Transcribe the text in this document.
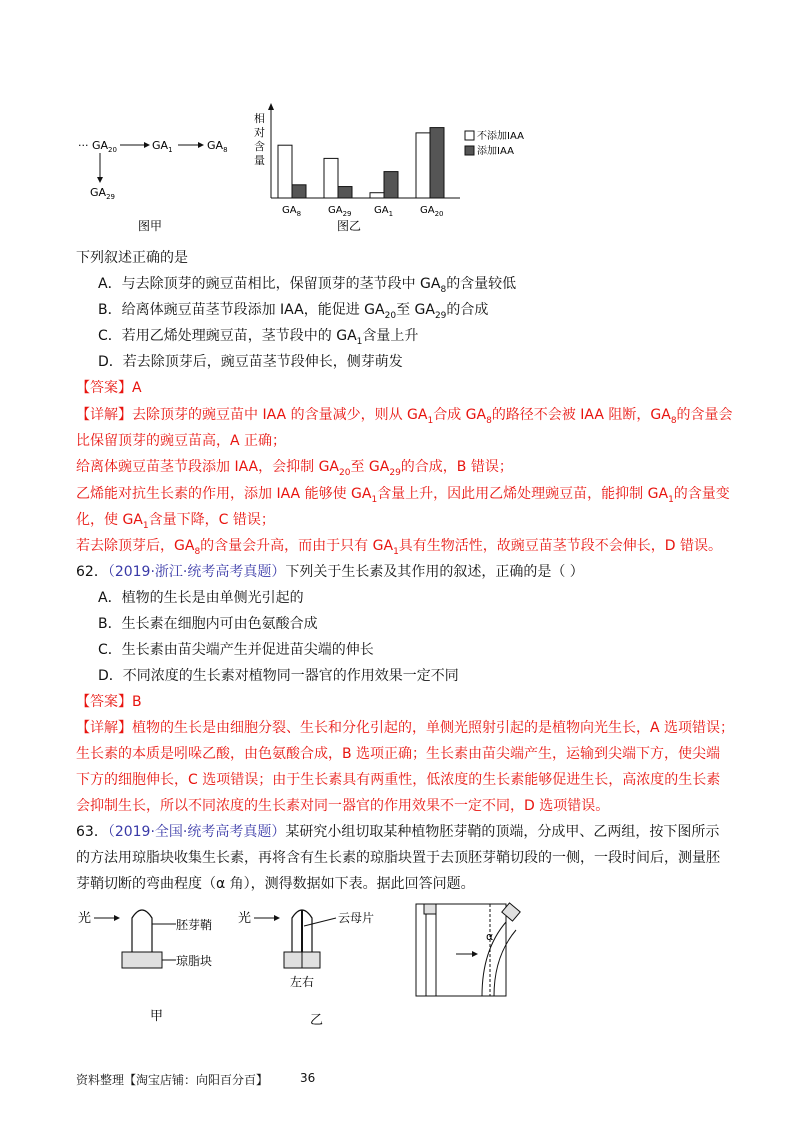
··· $GA_{20}$	$GA_1$	$GA_8$
$GA_{29}$
图甲
相
对
含
量
$GA_8$	$GA_{29}$ $GA_1$	$GA_{20}$
不添加IAA
添加IAA
图乙
下列叙述正确的是
A．与去除顶芽的豌豆苗相比，保留顶芽的茎节段中 $GA_8$的含量较低
B．给离体豌豆苗茎节段添加 IAA，能促进 $GA_{20}$至 $GA_{29}$的合成
C．若用乙烯处理豌豆苗，茎节段中的 $GA_1$含量上升
D．若去除顶芽后，豌豆苗茎节段伸长，侧芽萌发
【答案】A
【详解】去除顶芽的豌豆苗中 IAA 的含量减少，则从 $GA_1$合成 $GA_8$的路径不会被 IAA 阻断，$GA_8$的含量会
比保留顶芽的豌豆苗高，A 正确；
给离体豌豆苗茎节段添加 IAA，会抑制 $GA_{20}$至 $GA_{29}$的合成，B 错误；
乙烯能对抗生长素的作用，添加 IAA 能够使 $GA_1$含量上升，因此用乙烯处理豌豆苗，能抑制 $GA_1$的含量变
化，使 $GA_1$含量下降，C 错误；
若去除顶芽后，$GA_8$的含量会升高，而由于只有 $GA_1$具有生物活性，故豌豆苗茎节段不会伸长，D 错误。
62．（2019·浙江·统考高考真题）下列关于生长素及其作用的叙述，正确的是（ ）
A．植物的生长是由单侧光引起的
B．生长素在细胞内可由色氨酸合成
C．生长素由苗尖端产生并促进苗尖端的伸长
D．不同浓度的生长素对植物同一器官的作用效果一定不同
【答案】B
【详解】植物的生长是由细胞分裂、生长和分化引起的，单侧光照射引起的是植物向光生长，A 选项错误；
生长素的本质是吲哚乙酸，由色氨酸合成，B 选项正确；生长素由苗尖端产生，运输到尖端下方，使尖端
下方的细胞伸长，C 选项错误；由于生长素具有两重性，低浓度的生长素能够促进生长，高浓度的生长素
会抑制生长，所以不同浓度的生长素对同一器官的作用效果不一定不同，D 选项错误。
63．（2019·全国·统考高考真题）某研究小组切取某种植物胚芽鞘的顶端，分成甲、乙两组，按下图所示
的方法用琼脂块收集生长素，再将含有生长素的琼脂块置于去顶胚芽鞘切段的一侧，一段时间后，测量胚
芽鞘切断的弯曲程度（α 角），测得数据如下表。据此回答问题。
光	胚芽鞘
琼脂块
甲
光	云母片
左右
乙
α
资料整理【淘宝店铺：向阳百分百】	36
